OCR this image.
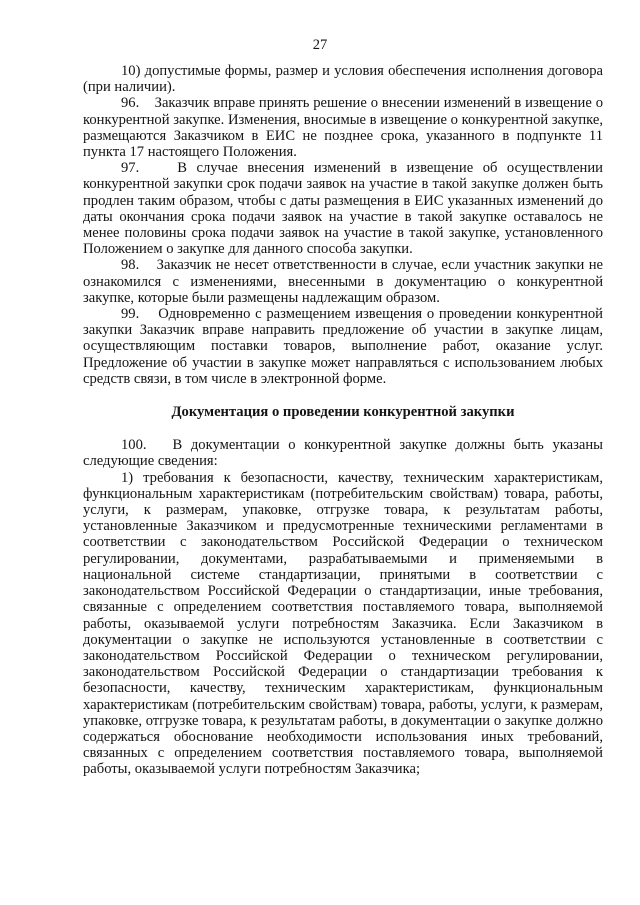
27

10) допустимые формы, размер и условия обеспечения исполнения договора (при наличии).

96.    Заказчик вправе принять решение о внесении изменений в извещение о конкурентной закупке. Изменения, вносимые в извещение о конкурентной закупке, размещаются Заказчиком в ЕИС не позднее срока, указанного в подпункте 11 пункта 17 настоящего Положения.

97.    В случае внесения изменений в извещение об осуществлении конкурентной закупки срок подачи заявок на участие в такой закупке должен быть продлен таким образом, чтобы с даты размещения в ЕИС указанных изменений до даты окончания срока подачи заявок на участие в такой закупке оставалось не менее половины срока подачи заявок на участие в такой закупке, установленного Положением о закупке для данного способа закупки.

98.    Заказчик не несет ответственности в случае, если участник закупки не ознакомился с изменениями, внесенными в документацию о конкурентной закупке, которые были размещены надлежащим образом.

99.    Одновременно с размещением извещения о проведении конкурентной закупки Заказчик вправе направить предложение об участии в закупке лицам, осуществляющим поставки товаров, выполнение работ, оказание услуг. Предложение об участии в закупке может направляться с использованием любых средств связи, в том числе в электронной форме.

Документация о проведении конкурентной закупки

100.   В документации о конкурентной закупке должны быть указаны следующие сведения:

1) требования к безопасности, качеству, техническим характеристикам, функциональным характеристикам (потребительским свойствам) товара, работы, услуги, к размерам, упаковке, отгрузке товара, к результатам работы, установленные Заказчиком и предусмотренные техническими регламентами в соответствии с законодательством Российской Федерации о техническом регулировании, документами, разрабатываемыми и применяемыми в национальной системе стандартизации, принятыми в соответствии с законодательством Российской Федерации о стандартизации, иные требования, связанные с определением соответствия поставляемого товара, выполняемой работы, оказываемой услуги потребностям Заказчика. Если Заказчиком в документации о закупке не используются установленные в соответствии с законодательством Российской Федерации о техническом регулировании, законодательством Российской Федерации о стандартизации требования к безопасности, качеству, техническим характеристикам, функциональным характеристикам (потребительским свойствам) товара, работы, услуги, к размерам, упаковке, отгрузке товара, к результатам работы, в документации о закупке должно содержаться обоснование необходимости использования иных требований, связанных с определением соответствия поставляемого товара, выполняемой работы, оказываемой услуги потребностям Заказчика;
